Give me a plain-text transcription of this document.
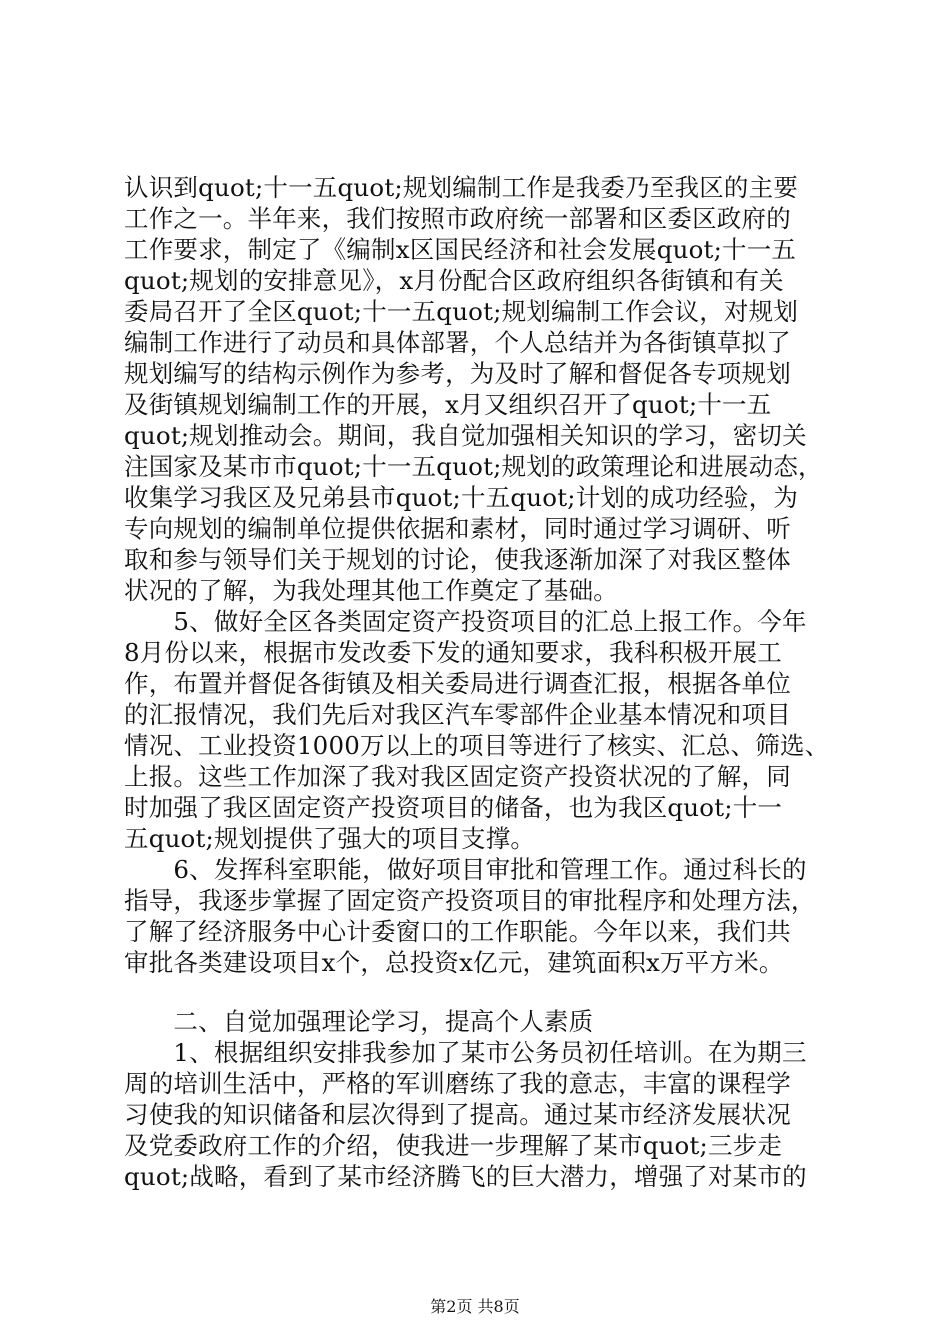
认识到quot;十一五quot;规划编制工作是我委乃至我区的主要
工作之一。半年来，我们按照市政府统一部署和区委区政府的
工作要求，制定了《编制x区国民经济和社会发展quot;十一五
quot;规划的安排意见》，x月份配合区政府组织各街镇和有关
委局召开了全区quot;十一五quot;规划编制工作会议，对规划
编制工作进行了动员和具体部署，个人总结并为各街镇草拟了
规划编写的结构示例作为参考，为及时了解和督促各专项规划
及街镇规划编制工作的开展，x月又组织召开了quot;十一五
quot;规划推动会。期间，我自觉加强相关知识的学习，密切关
注国家及某市市quot;十一五quot;规划的政策理论和进展动态，
收集学习我区及兄弟县市quot;十五quot;计划的成功经验，为
专向规划的编制单位提供依据和素材，同时通过学习调研、听
取和参与领导们关于规划的讨论，使我逐渐加深了对我区整体
状况的了解，为我处理其他工作奠定了基础。
　　5、做好全区各类固定资产投资项目的汇总上报工作。今年
8月份以来，根据市发改委下发的通知要求，我科积极开展工
作，布置并督促各街镇及相关委局进行调查汇报，根据各单位
的汇报情况，我们先后对我区汽车零部件企业基本情况和项目
情况、工业投资1000万以上的项目等进行了核实、汇总、筛选、
上报。这些工作加深了我对我区固定资产投资状况的了解，同
时加强了我区固定资产投资项目的储备，也为我区quot;十一
五quot;规划提供了强大的项目支撑。
　　6、发挥科室职能，做好项目审批和管理工作。通过科长的
指导，我逐步掌握了固定资产投资项目的审批程序和处理方法，
了解了经济服务中心计委窗口的工作职能。今年以来，我们共
审批各类建设项目x个，总投资x亿元，建筑面积x万平方米。
　　二、自觉加强理论学习，提高个人素质
　　1、根据组织安排我参加了某市公务员初任培训。在为期三
周的培训生活中，严格的军训磨练了我的意志，丰富的课程学
习使我的知识储备和层次得到了提高。通过某市经济发展状况
及党委政府工作的介绍，使我进一步理解了某市quot;三步走
quot;战略，看到了某市经济腾飞的巨大潜力，增强了对某市的
第2页 共8页
